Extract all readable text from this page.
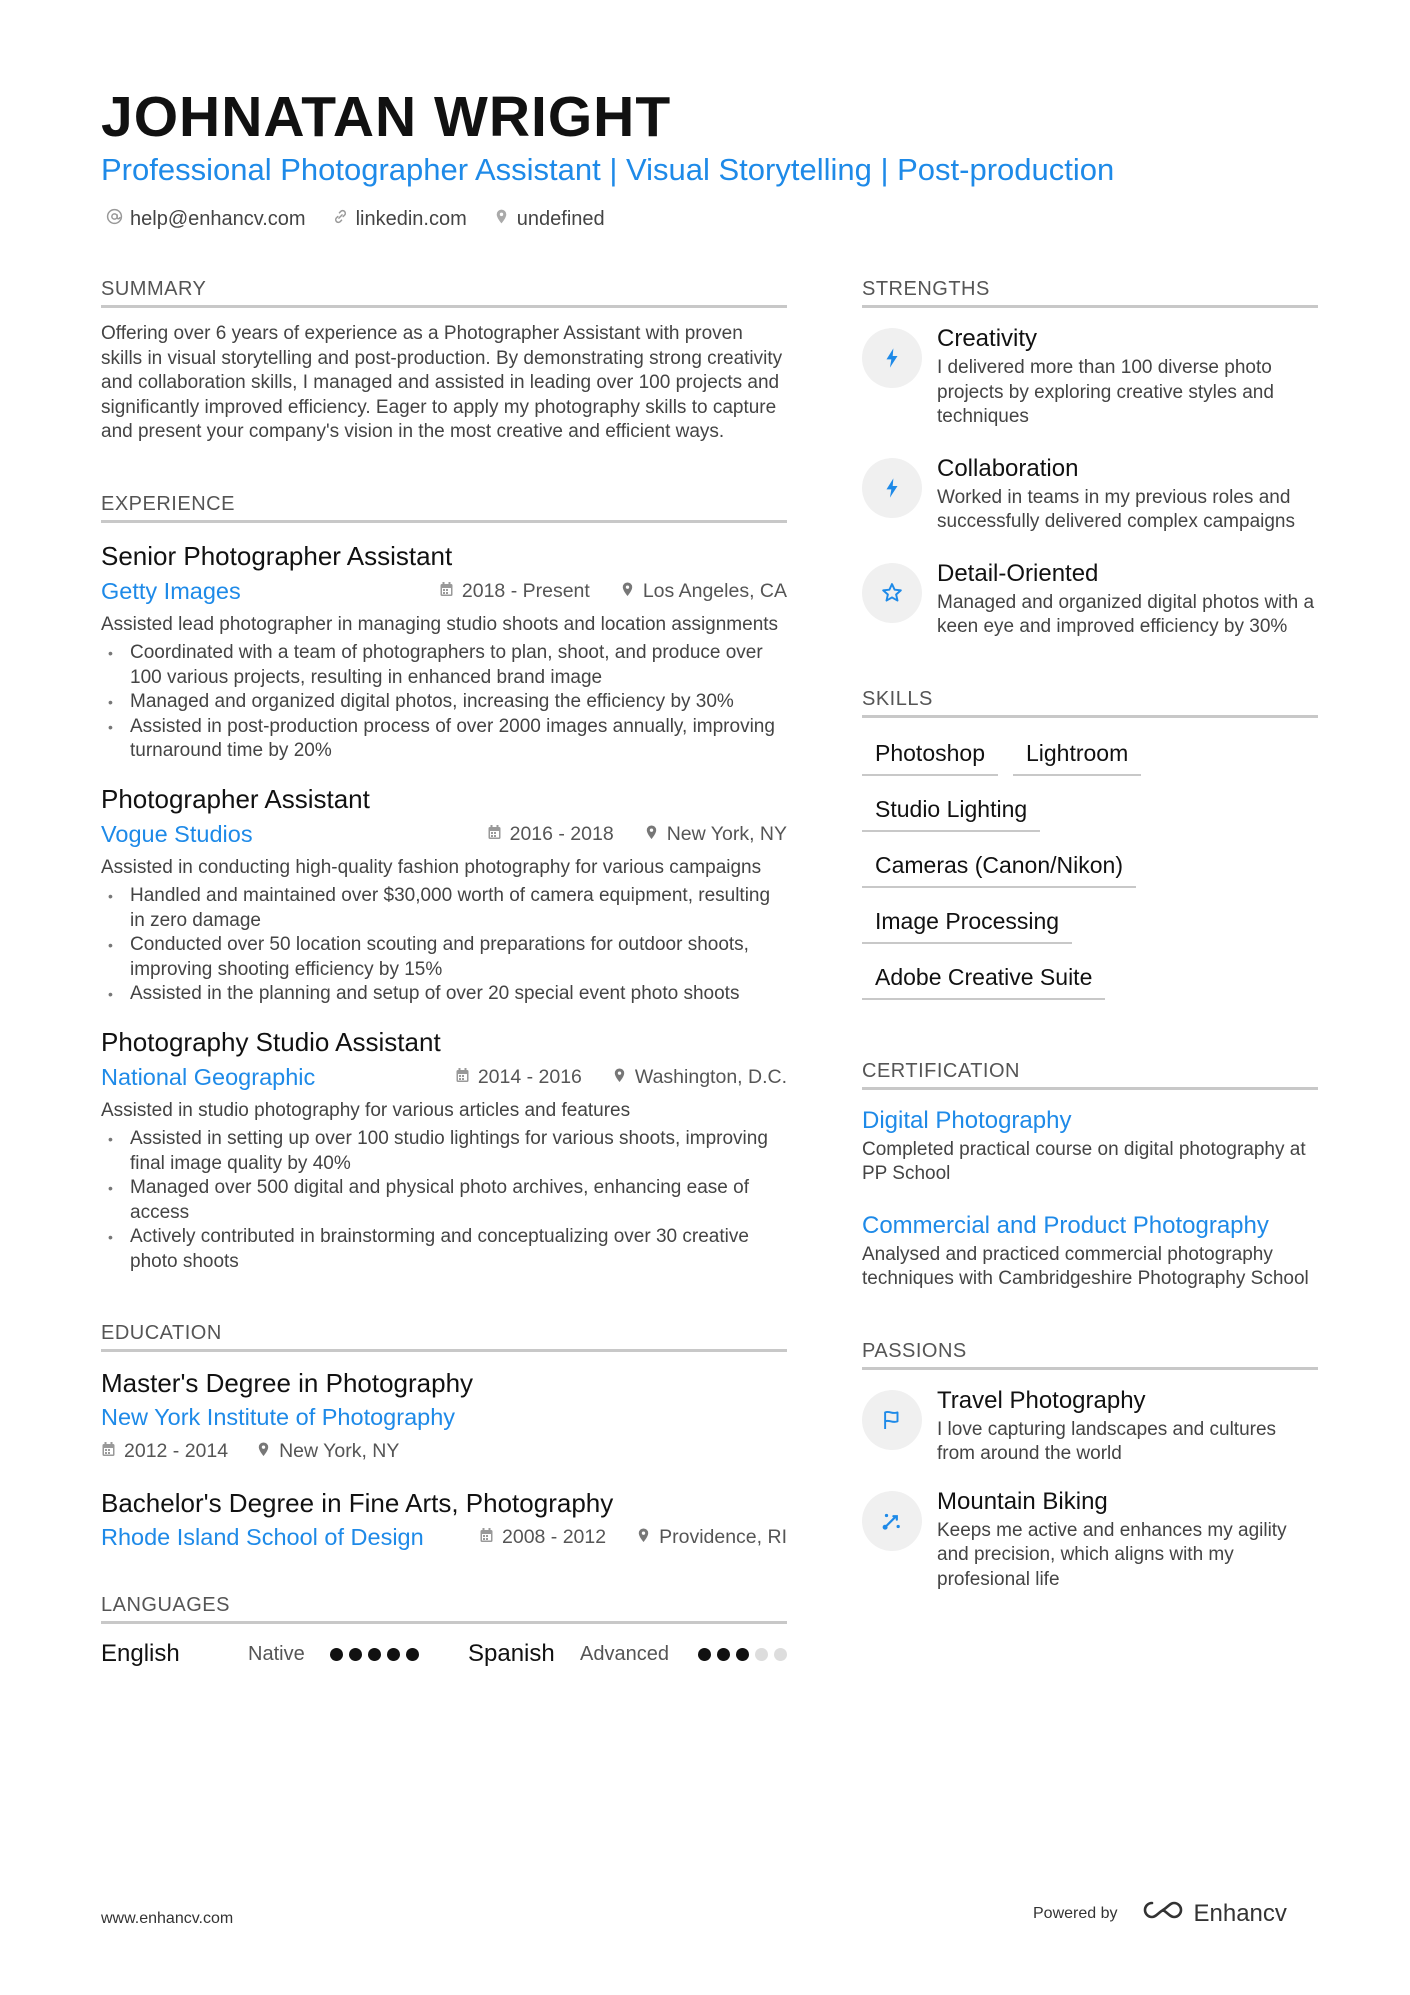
JOHNATAN WRIGHT
Professional Photographer Assistant | Visual Storytelling | Post-production
help@enhancv.com	linkedin.com	undefined
SUMMARY
Offering over 6 years of experience as a Photographer Assistant with proven skills in visual storytelling and post-production. By demonstrating strong creativity and collaboration skills, I managed and assisted in leading over 100 projects and significantly improved efficiency. Eager to apply my photography skills to capture and present your company's vision in the most creative and efficient ways.
EXPERIENCE
Senior Photographer Assistant
Getty Images	2018 - Present	Los Angeles, CA
Assisted lead photographer in managing studio shoots and location assignments
• Coordinated with a team of photographers to plan, shoot, and produce over 100 various projects, resulting in enhanced brand image
• Managed and organized digital photos, increasing the efficiency by 30%
• Assisted in post-production process of over 2000 images annually, improving turnaround time by 20%
Photographer Assistant
Vogue Studios	2016 - 2018	New York, NY
Assisted in conducting high-quality fashion photography for various campaigns
• Handled and maintained over $30,000 worth of camera equipment, resulting in zero damage
• Conducted over 50 location scouting and preparations for outdoor shoots, improving shooting efficiency by 15%
• Assisted in the planning and setup of over 20 special event photo shoots
Photography Studio Assistant
National Geographic	2014 - 2016	Washington, D.C.
Assisted in studio photography for various articles and features
• Assisted in setting up over 100 studio lightings for various shoots, improving final image quality by 40%
• Managed over 500 digital and physical photo archives, enhancing ease of access
• Actively contributed in brainstorming and conceptualizing over 30 creative photo shoots
EDUCATION
Master's Degree in Photography
New York Institute of Photography
2012 - 2014	New York, NY
Bachelor's Degree in Fine Arts, Photography
Rhode Island School of Design	2008 - 2012	Providence, RI
LANGUAGES
English	Native	Spanish	Advanced
STRENGTHS
Creativity
I delivered more than 100 diverse photo projects by exploring creative styles and techniques
Collaboration
Worked in teams in my previous roles and successfully delivered complex campaigns
Detail-Oriented
Managed and organized digital photos with a keen eye and improved efficiency by 30%
SKILLS
Photoshop	Lightroom
Studio Lighting
Cameras (Canon/Nikon)
Image Processing
Adobe Creative Suite
CERTIFICATION
Digital Photography
Completed practical course on digital photography at PP School
Commercial and Product Photography
Analysed and practiced commercial photography techniques with Cambridgeshire Photography School
PASSIONS
Travel Photography
I love capturing landscapes and cultures from around the world
Mountain Biking
Keeps me active and enhances my agility and precision, which aligns with my profesional life
www.enhancv.com	Powered by	Enhancv
